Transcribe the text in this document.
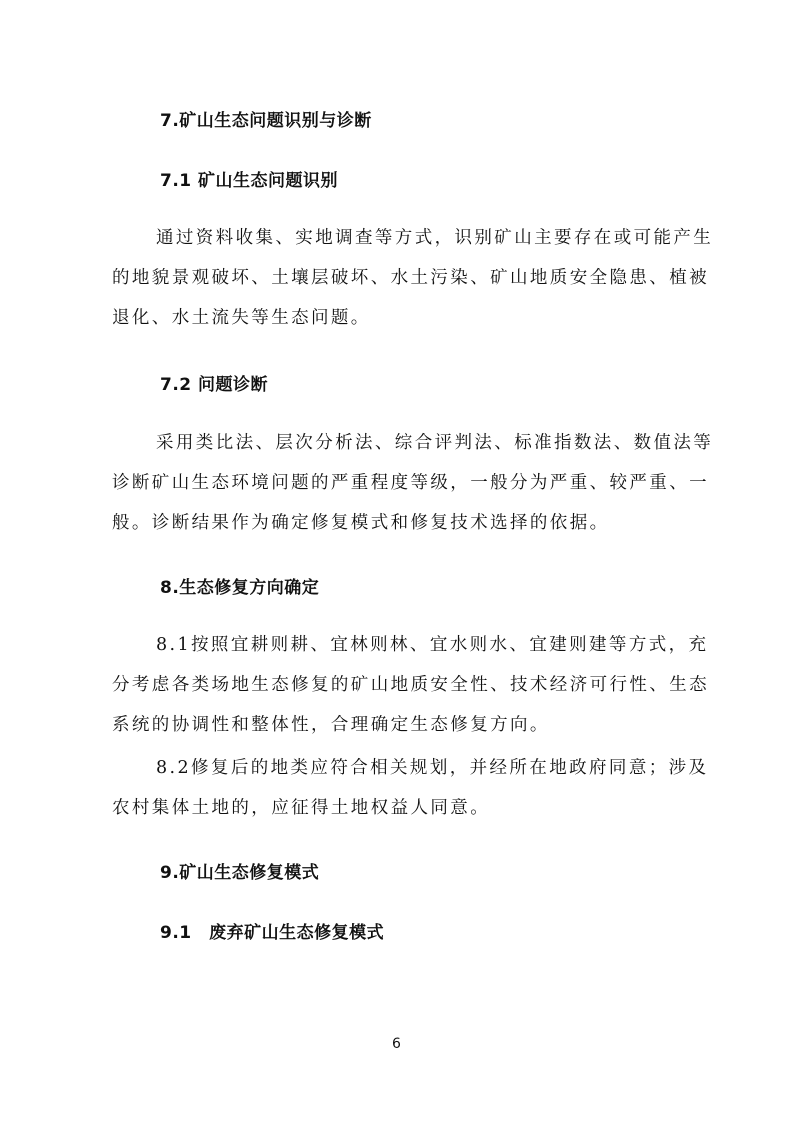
7.矿山生态问题识别与诊断
7.1 矿山生态问题识别
通过资料收集、实地调查等方式，识别矿山主要存在或可能产生
的地貌景观破坏、土壤层破坏、水土污染、矿山地质安全隐患、植被
退化、水土流失等生态问题。
7.2 问题诊断
采用类比法、层次分析法、综合评判法、标准指数法、数值法等
诊断矿山生态环境问题的严重程度等级，一般分为严重、较严重、一
般。诊断结果作为确定修复模式和修复技术选择的依据。
8.生态修复方向确定
8.1按照宜耕则耕、宜林则林、宜水则水、宜建则建等方式，充
分考虑各类场地生态修复的矿山地质安全性、技术经济可行性、生态
系统的协调性和整体性，合理确定生态修复方向。
8.2修复后的地类应符合相关规划，并经所在地政府同意；涉及
农村集体土地的，应征得土地权益人同意。
9.矿山生态修复模式
9.1　废弃矿山生态修复模式
6
